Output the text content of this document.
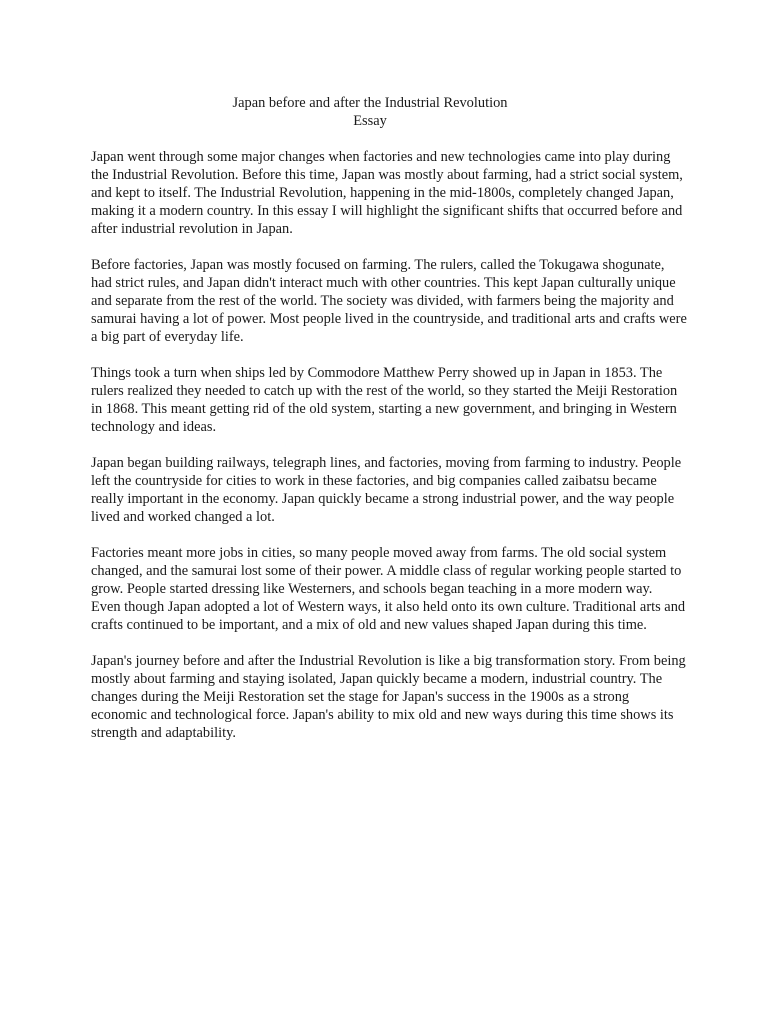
Japan before and after the Industrial Revolution
Essay

Japan went through some major changes when factories and new technologies came into play during the Industrial Revolution. Before this time, Japan was mostly about farming, had a strict social system, and kept to itself. The Industrial Revolution, happening in the mid-1800s, completely changed Japan, making it a modern country. In this essay I will highlight the significant shifts that occurred before and after industrial revolution in Japan.

Before factories, Japan was mostly focused on farming. The rulers, called the Tokugawa shogunate, had strict rules, and Japan didn't interact much with other countries. This kept Japan culturally unique and separate from the rest of the world. The society was divided, with farmers being the majority and samurai having a lot of power. Most people lived in the countryside, and traditional arts and crafts were a big part of everyday life.

Things took a turn when ships led by Commodore Matthew Perry showed up in Japan in 1853. The rulers realized they needed to catch up with the rest of the world, so they started the Meiji Restoration in 1868. This meant getting rid of the old system, starting a new government, and bringing in Western technology and ideas.

Japan began building railways, telegraph lines, and factories, moving from farming to industry. People left the countryside for cities to work in these factories, and big companies called zaibatsu became really important in the economy. Japan quickly became a strong industrial power, and the way people lived and worked changed a lot.

Factories meant more jobs in cities, so many people moved away from farms. The old social system changed, and the samurai lost some of their power. A middle class of regular working people started to grow. People started dressing like Westerners, and schools began teaching in a more modern way.

Even though Japan adopted a lot of Western ways, it also held onto its own culture. Traditional arts and crafts continued to be important, and a mix of old and new values shaped Japan during this time.

Japan's journey before and after the Industrial Revolution is like a big transformation story. From being mostly about farming and staying isolated, Japan quickly became a modern, industrial country. The changes during the Meiji Restoration set the stage for Japan's success in the 1900s as a strong economic and technological force. Japan's ability to mix old and new ways during this time shows its strength and adaptability.
